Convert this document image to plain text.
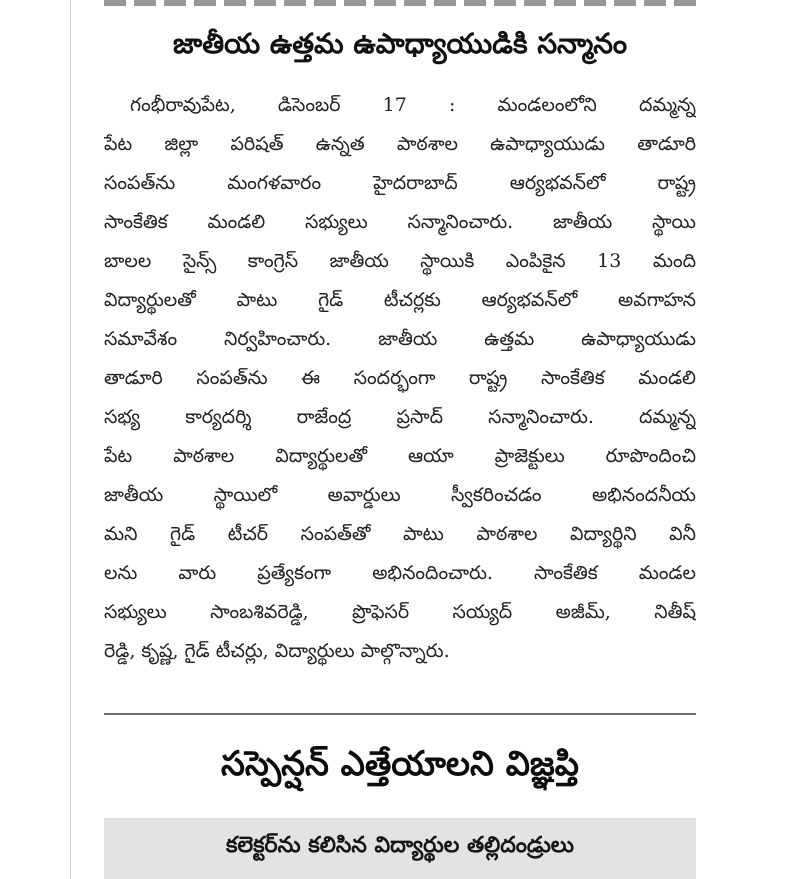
జాతీయ ఉత్తమ ఉపాధ్యాయుడికి సన్మానం
గంభీరావుపేట, డిసెంబర్ 17 : మండలంలోని దమ్మన్న
పేట జిల్లా పరిషత్ ఉన్నత పాఠశాల ఉపాధ్యాయుడు తాడూరి
సంపత్‌ను మంగళవారం హైదరాబాద్ ఆర్యభవన్‌లో రాష్ట్ర
సాంకేతిక మండలి సభ్యులు సన్మానించారు. జాతీయ స్థాయి
బాలల సైన్స్ కాంగ్రెస్ జాతీయ స్థాయికి ఎంపికైన 13 మంది
విద్యార్థులతో పాటు గైడ్ టీచర్లకు ఆర్యభవన్‌లో అవగాహన
సమావేశం నిర్వహించారు. జాతీయ ఉత్తమ ఉపాధ్యాయుడు
తాడూరి సంపత్‌ను ఈ సందర్భంగా రాష్ట్ర సాంకేతిక మండలి
సభ్య కార్యదర్శి రాజేంద్ర ప్రసాద్ సన్మానించారు. దమ్మన్న
పేట పాఠశాల విద్యార్థులతో ఆయా ప్రాజెక్టులు రూపొందించి
జాతీయ స్థాయిలో అవార్డులు స్వీకరించడం అభినందనీయ
మని గైడ్ టీచర్ సంపత్‌తో పాటు పాఠశాల విద్యార్థిని వినీ
లను వారు ప్రత్యేకంగా అభినందించారు. సాంకేతిక మండల
సభ్యులు సాంబశివరెడ్డి, ప్రొఫెసర్ సయ్యద్ అజీమ్, నితీష్
రెడ్డి, కృష్ణ, గైడ్ టీచర్లు, విద్యార్థులు పాల్గొన్నారు.
సస్పెన్షన్ ఎత్తేయాలని విజ్ఞప్తి
కలెక్టర్‌ను కలిసిన విద్యార్థుల తల్లిదండ్రులు
